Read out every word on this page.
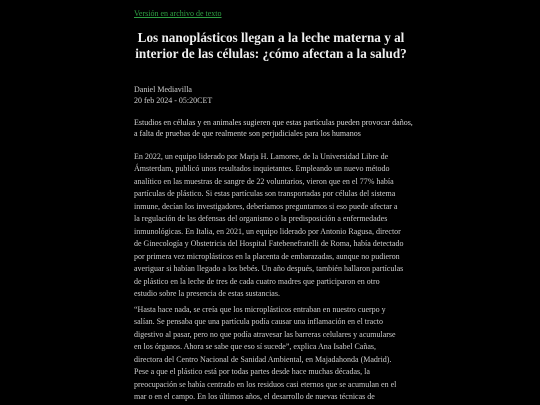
Versión en archivo de texto
Los nanoplásticos llegan a la leche materna y al interior de las células: ¿cómo afectan a la salud?
Daniel Mediavilla
20 feb 2024 - 05:20CET

Estudios en células y en animales sugieren que estas partículas pueden provocar daños, a falta de pruebas de que realmente son perjudiciales para los humanos

En 2022, un equipo liderado por Marja H. Lamoree, de la Universidad Libre de Ámsterdam, publicó unos resultados inquietantes. Empleando un nuevo método analítico en las muestras de sangre de 22 voluntarios, vieron que en el 77% había partículas de plástico. Si estas partículas son transportadas por células del sistema inmune, decían los investigadores, deberíamos preguntarnos si eso puede afectar a la regulación de las defensas del organismo o la predisposición a enfermedades inmunológicas. En Italia, en 2021, un equipo liderado por Antonio Ragusa, director de Ginecología y Obstetricia del Hospital Fatebenefratelli de Roma, había detectado por primera vez microplásticos en la placenta de embarazadas, aunque no pudieron averiguar si habían llegado a los bebés. Un año después, también hallaron partículas de plástico en la leche de tres de cada cuatro madres que participaron en otro estudio sobre la presencia de estas sustancias.

“Hasta hace nada, se creía que los microplásticos entraban en nuestro cuerpo y salían. Se pensaba que una partícula podía causar una inflamación en el tracto digestivo al pasar, pero no que podía atravesar las barreras celulares y acumularse en los órganos. Ahora se sabe que eso sí sucede”, explica Ana Isabel Cañas, directora del Centro Nacional de Sanidad Ambiental, en Majadahonda (Madrid). Pese a que el plástico está por todas partes desde hace muchas décadas, la preocupación se había centrado en los residuos casi eternos que se acumulan en el mar o en el campo. En los últimos años, el desarrollo de nuevas técnicas de
